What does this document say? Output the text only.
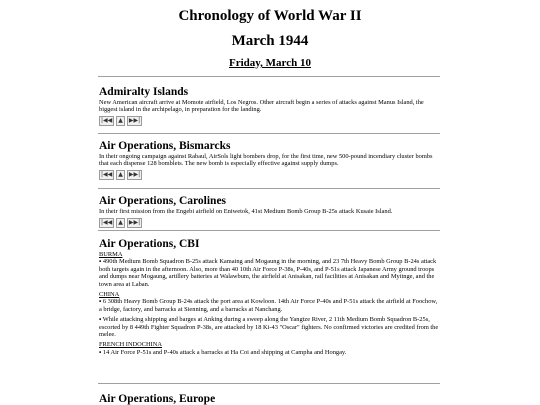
Chronology of World War II
March 1944
Friday, March 10
Admiralty Islands

New American aircraft arrive at Momote airfield, Los Negros. Other aircraft begin a series of attacks against Manus Island, the biggest island in the archipelago, in preparation for the landing.

|◀◀	▲	▶▶|
Air Operations, Bismarcks

In their ongoing campaign against Rabaul, AirSols light bombers drop, for the first time, new 500-pound incendiary cluster bombs that each dispense 128 bomblets. The new bomb is especially effective against supply dumps.

|◀◀	▲	▶▶|
Air Operations, Carolines

In their first mission from the Engebi airfield on Eniwetok, 41st Medium Bomb Group B-25s attack Kusaie Island.

|◀◀	▲	▶▶|
Air Operations, CBI

BURMA

▪ 490th Medium Bomb Squadron B-25s attack Kamaing and Mogaung in the morning, and 23 7th Heavy Bomb Group B-24s attack both targets again in the afternoon. Also, more than 40 10th Air Force P-38s, P-40s, and P-51s attack Japanese Army ground troops and dumps near Mogaung, artillery batteries at Walawbum, the airfield at Anisakan, rail facilities at Anisakan and Myitnge, and the town area at Laban.

CHINA

▪ 6 308th Heavy Bomb Group B-24s attack the port area at Kowloon. 14th Air Force P-40s and P-51s attack the airfield at Foochow, a bridge, factory, and barracks at Sienning, and a barracks at Nanchang.

▪ While attacking shipping and barges at Anking during a sweep along the Yangtze River, 2 11th Medium Bomb Squadron B-25s, escorted by 8 449th Fighter Squadron P-38s, are attacked by 18 Ki-43 "Oscar" fighters. No confirmed victories are credited from the melee.

FRENCH INDOCHINA

▪ 14 Air Force P-51s and P-40s attack a barracks at Ha Coi and shipping at Campha and Hongay.

Air Operations, Europe
